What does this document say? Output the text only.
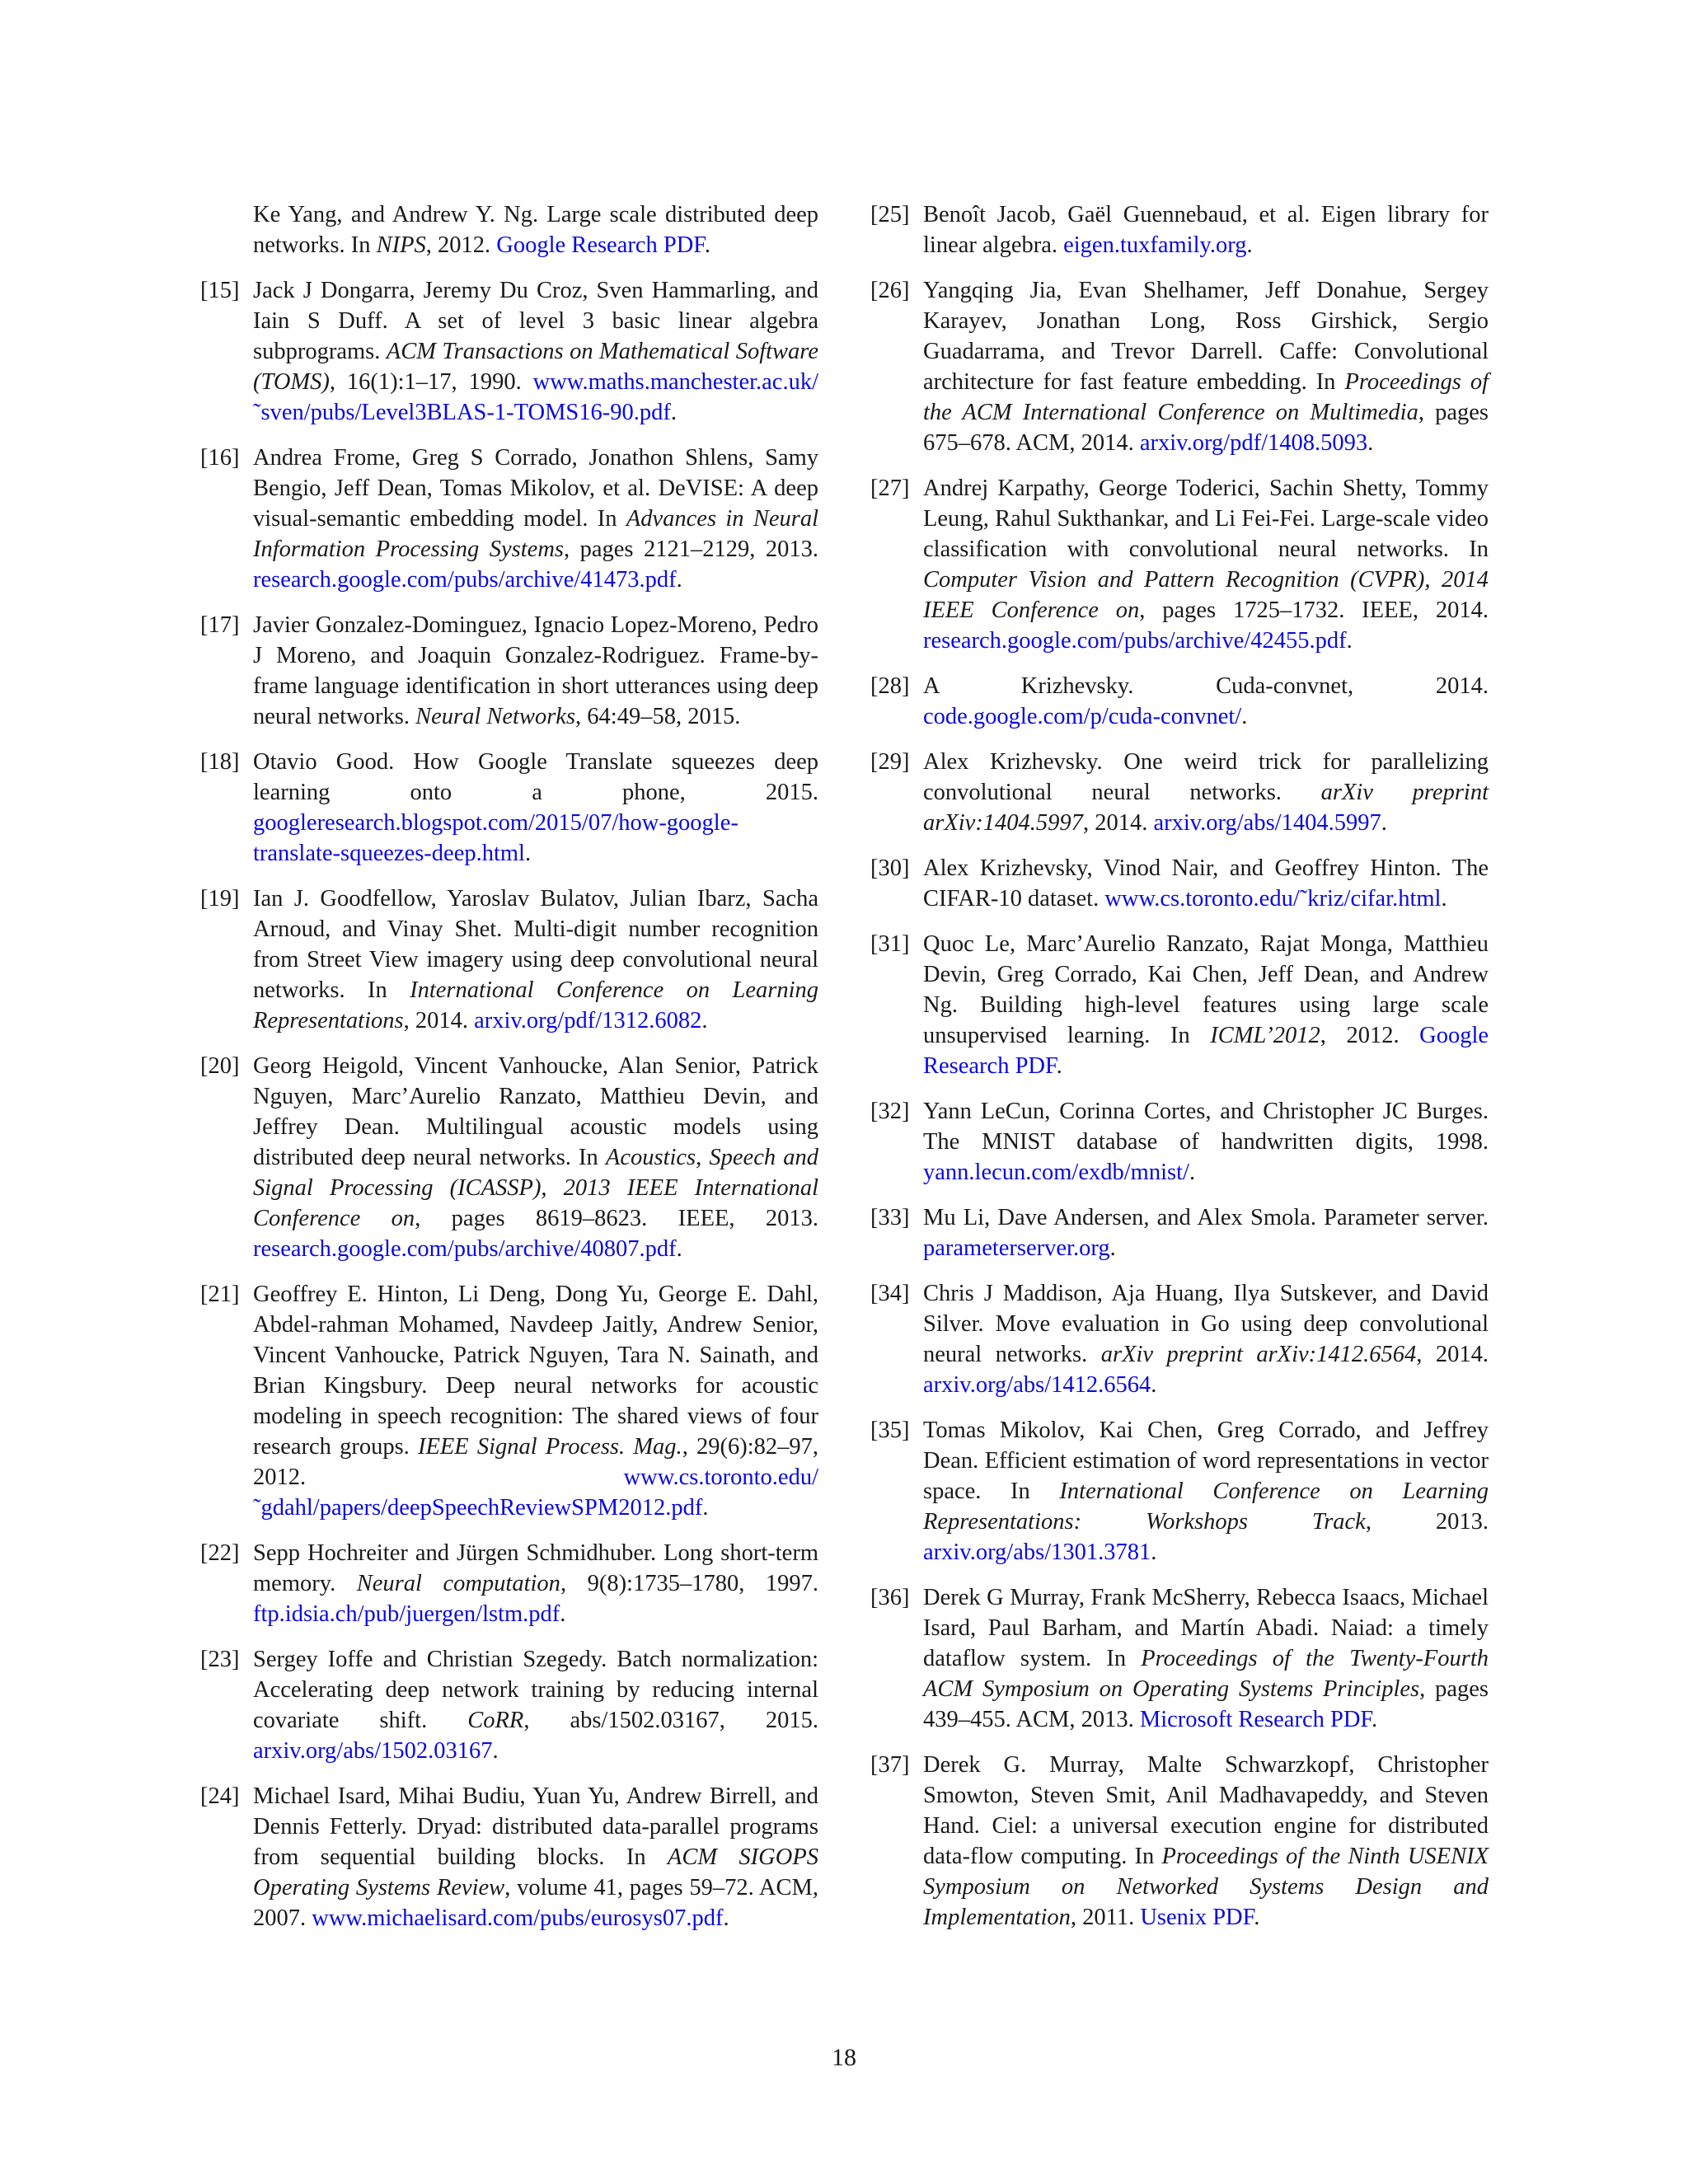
Ke Yang, and Andrew Y. Ng. Large scale distributed deep networks. In NIPS, 2012. Google Research PDF.
[15] Jack J Dongarra, Jeremy Du Croz, Sven Hammarling, and Iain S Duff. A set of level 3 basic linear algebra subprograms. ACM Transactions on Mathematical Software (TOMS), 16(1):1–17, 1990. www.maths.manchester.ac.uk/˜sven/pubs/Level3BLAS-1-TOMS16-90.pdf.
[16] Andrea Frome, Greg S Corrado, Jonathon Shlens, Samy Bengio, Jeff Dean, Tomas Mikolov, et al. DeVISE: A deep visual-semantic embedding model. In Advances in Neural Information Processing Systems, pages 2121–2129, 2013. research.google.com/pubs/archive/41473.pdf.
[17] Javier Gonzalez-Dominguez, Ignacio Lopez-Moreno, Pedro J Moreno, and Joaquin Gonzalez-Rodriguez. Frame-by-frame language identification in short utterances using deep neural networks. Neural Networks, 64:49–58, 2015.
[18] Otavio Good. How Google Translate squeezes deep learning onto a phone, 2015. googleresearch.blogspot.com/2015/07/how-google-translate-squeezes-deep.html.
[19] Ian J. Goodfellow, Yaroslav Bulatov, Julian Ibarz, Sacha Arnoud, and Vinay Shet. Multi-digit number recognition from Street View imagery using deep convolutional neural networks. In International Conference on Learning Representations, 2014. arxiv.org/pdf/1312.6082.
[20] Georg Heigold, Vincent Vanhoucke, Alan Senior, Patrick Nguyen, Marc’Aurelio Ranzato, Matthieu Devin, and Jeffrey Dean. Multilingual acoustic models using distributed deep neural networks. In Acoustics, Speech and Signal Processing (ICASSP), 2013 IEEE International Conference on, pages 8619–8623. IEEE, 2013. research.google.com/pubs/archive/40807.pdf.
[21] Geoffrey E. Hinton, Li Deng, Dong Yu, George E. Dahl, Abdel-rahman Mohamed, Navdeep Jaitly, Andrew Senior, Vincent Vanhoucke, Patrick Nguyen, Tara N. Sainath, and Brian Kingsbury. Deep neural networks for acoustic modeling in speech recognition: The shared views of four research groups. IEEE Signal Process. Mag., 29(6):82–97, 2012. www.cs.toronto.edu/˜gdahl/papers/deepSpeechReviewSPM2012.pdf.
[22] Sepp Hochreiter and Jürgen Schmidhuber. Long short-term memory. Neural computation, 9(8):1735–1780, 1997. ftp.idsia.ch/pub/juergen/lstm.pdf.
[23] Sergey Ioffe and Christian Szegedy. Batch normalization: Accelerating deep network training by reducing internal covariate shift. CoRR, abs/1502.03167, 2015. arxiv.org/abs/1502.03167.
[24] Michael Isard, Mihai Budiu, Yuan Yu, Andrew Birrell, and Dennis Fetterly. Dryad: distributed data-parallel programs from sequential building blocks. In ACM SIGOPS Operating Systems Review, volume 41, pages 59–72. ACM, 2007. www.michaelisard.com/pubs/eurosys07.pdf.
[25] Benoît Jacob, Gaël Guennebaud, et al. Eigen library for linear algebra. eigen.tuxfamily.org.
[26] Yangqing Jia, Evan Shelhamer, Jeff Donahue, Sergey Karayev, Jonathan Long, Ross Girshick, Sergio Guadarrama, and Trevor Darrell. Caffe: Convolutional architecture for fast feature embedding. In Proceedings of the ACM International Conference on Multimedia, pages 675–678. ACM, 2014. arxiv.org/pdf/1408.5093.
[27] Andrej Karpathy, George Toderici, Sachin Shetty, Tommy Leung, Rahul Sukthankar, and Li Fei-Fei. Large-scale video classification with convolutional neural networks. In Computer Vision and Pattern Recognition (CVPR), 2014 IEEE Conference on, pages 1725–1732. IEEE, 2014. research.google.com/pubs/archive/42455.pdf.
[28] A Krizhevsky. Cuda-convnet, 2014. code.google.com/p/cuda-convnet/.
[29] Alex Krizhevsky. One weird trick for parallelizing convolutional neural networks. arXiv preprint arXiv:1404.5997, 2014. arxiv.org/abs/1404.5997.
[30] Alex Krizhevsky, Vinod Nair, and Geoffrey Hinton. The CIFAR-10 dataset. www.cs.toronto.edu/˜kriz/cifar.html.
[31] Quoc Le, Marc’Aurelio Ranzato, Rajat Monga, Matthieu Devin, Greg Corrado, Kai Chen, Jeff Dean, and Andrew Ng. Building high-level features using large scale unsupervised learning. In ICML’2012, 2012. Google Research PDF.
[32] Yann LeCun, Corinna Cortes, and Christopher JC Burges. The MNIST database of handwritten digits, 1998. yann.lecun.com/exdb/mnist/.
[33] Mu Li, Dave Andersen, and Alex Smola. Parameter server. parameterserver.org.
[34] Chris J Maddison, Aja Huang, Ilya Sutskever, and David Silver. Move evaluation in Go using deep convolutional neural networks. arXiv preprint arXiv:1412.6564, 2014. arxiv.org/abs/1412.6564.
[35] Tomas Mikolov, Kai Chen, Greg Corrado, and Jeffrey Dean. Efficient estimation of word representations in vector space. In International Conference on Learning Representations: Workshops Track, 2013. arxiv.org/abs/1301.3781.
[36] Derek G Murray, Frank McSherry, Rebecca Isaacs, Michael Isard, Paul Barham, and Martín Abadi. Naiad: a timely dataflow system. In Proceedings of the Twenty-Fourth ACM Symposium on Operating Systems Principles, pages 439–455. ACM, 2013. Microsoft Research PDF.
[37] Derek G. Murray, Malte Schwarzkopf, Christopher Smowton, Steven Smit, Anil Madhavapeddy, and Steven Hand. Ciel: a universal execution engine for distributed data-flow computing. In Proceedings of the Ninth USENIX Symposium on Networked Systems Design and Implementation, 2011. Usenix PDF.
18
